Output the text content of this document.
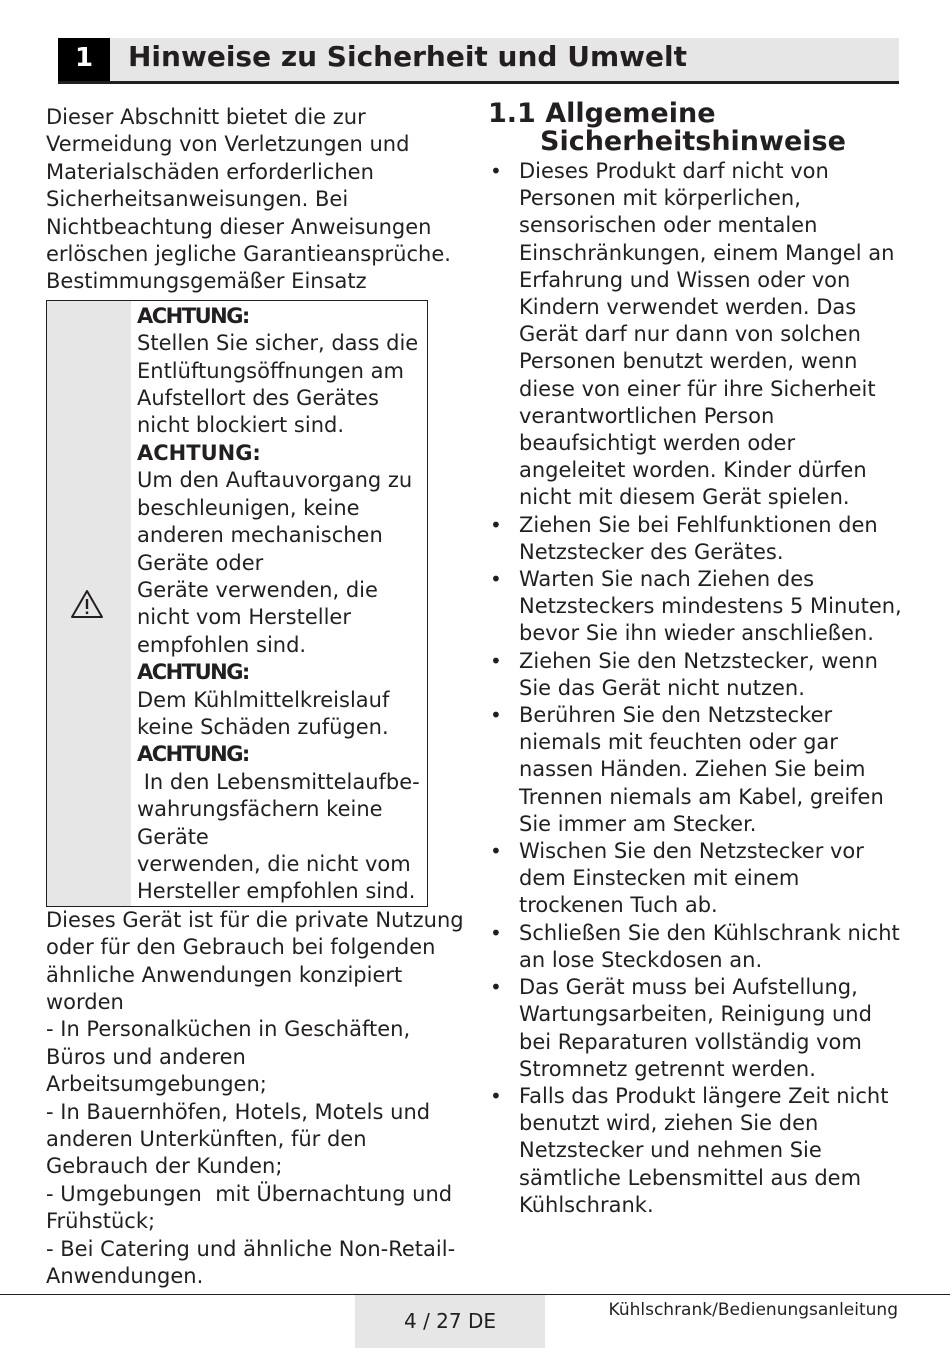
1	Hinweise zu Sicherheit und Umwelt

Dieser Abschnitt bietet die zur Vermeidung von Verletzungen und Materialschäden erforderlichen Sicherheitsanweisungen. Bei Nichtbeachtung dieser Anweisungen erlöschen jegliche Garantieansprüche. Bestimmungsgemäßer Einsatz

ACHTUNG:

Stellen Sie sicher, dass die Entlüftungsöffnungen am Aufstellort des Gerätes nicht blockiert sind.

ACHTUNG:

Um den Auftauvorgang zu beschleunigen, keine anderen mechanischen Geräte oder

Geräte verwenden, die nicht vom Hersteller empfohlen sind.

ACHTUNG:

Dem Kühlmittelkreislauf keine Schäden zufügen.

ACHTUNG:

In den Lebensmittelaufbe-wahrungsfächern keine Geräte

verwenden, die nicht vom Hersteller empfohlen sind.

Dieses Gerät ist für die private Nutzung oder für den Gebrauch bei folgenden ähnliche Anwendungen konzipiert worden

- In Personalküchen in Geschäften, Büros und anderen Arbeitsumgebungen;

- In Bauernhöfen, Hotels, Motels und anderen Unterkünften, für den Gebrauch der Kunden;

- Umgebungen  mit Übernachtung und Frühstück;

- Bei Catering und ähnliche Non-Retail-Anwendungen.

1.1 Allgemeine
Sicherheitshinweise
• Dieses Produkt darf nicht von Personen mit körperlichen, sensorischen oder mentalen Einschränkungen, einem Mangel an Erfahrung und Wissen oder von Kindern verwendet werden. Das Gerät darf nur dann von solchen Personen benutzt werden, wenn diese von einer für ihre Sicherheit verantwortlichen Person beaufsichtigt werden oder angeleitet worden. Kinder dürfen nicht mit diesem Gerät spielen.
• Ziehen Sie bei Fehlfunktionen den Netzstecker des Gerätes.
• Warten Sie nach Ziehen des Netzsteckers mindestens 5 Minuten, bevor Sie ihn wieder anschließen.
• Ziehen Sie den Netzstecker, wenn Sie das Gerät nicht nutzen.
• Berühren Sie den Netzstecker niemals mit feuchten oder gar nassen Händen. Ziehen Sie beim Trennen niemals am Kabel, greifen Sie immer am Stecker.
• Wischen Sie den Netzstecker vor dem Einstecken mit einem trockenen Tuch ab.
• Schließen Sie den Kühlschrank nicht an lose Steckdosen an.
• Das Gerät muss bei Aufstellung, Wartungsarbeiten, Reinigung und bei Reparaturen vollständig vom Stromnetz getrennt werden.
• Falls das Produkt längere Zeit nicht benutzt wird, ziehen Sie den Netzstecker und nehmen Sie sämtliche Lebensmittel aus dem Kühlschrank.
4 / 27 DE	Kühlschrank/Bedienungsanleitung
